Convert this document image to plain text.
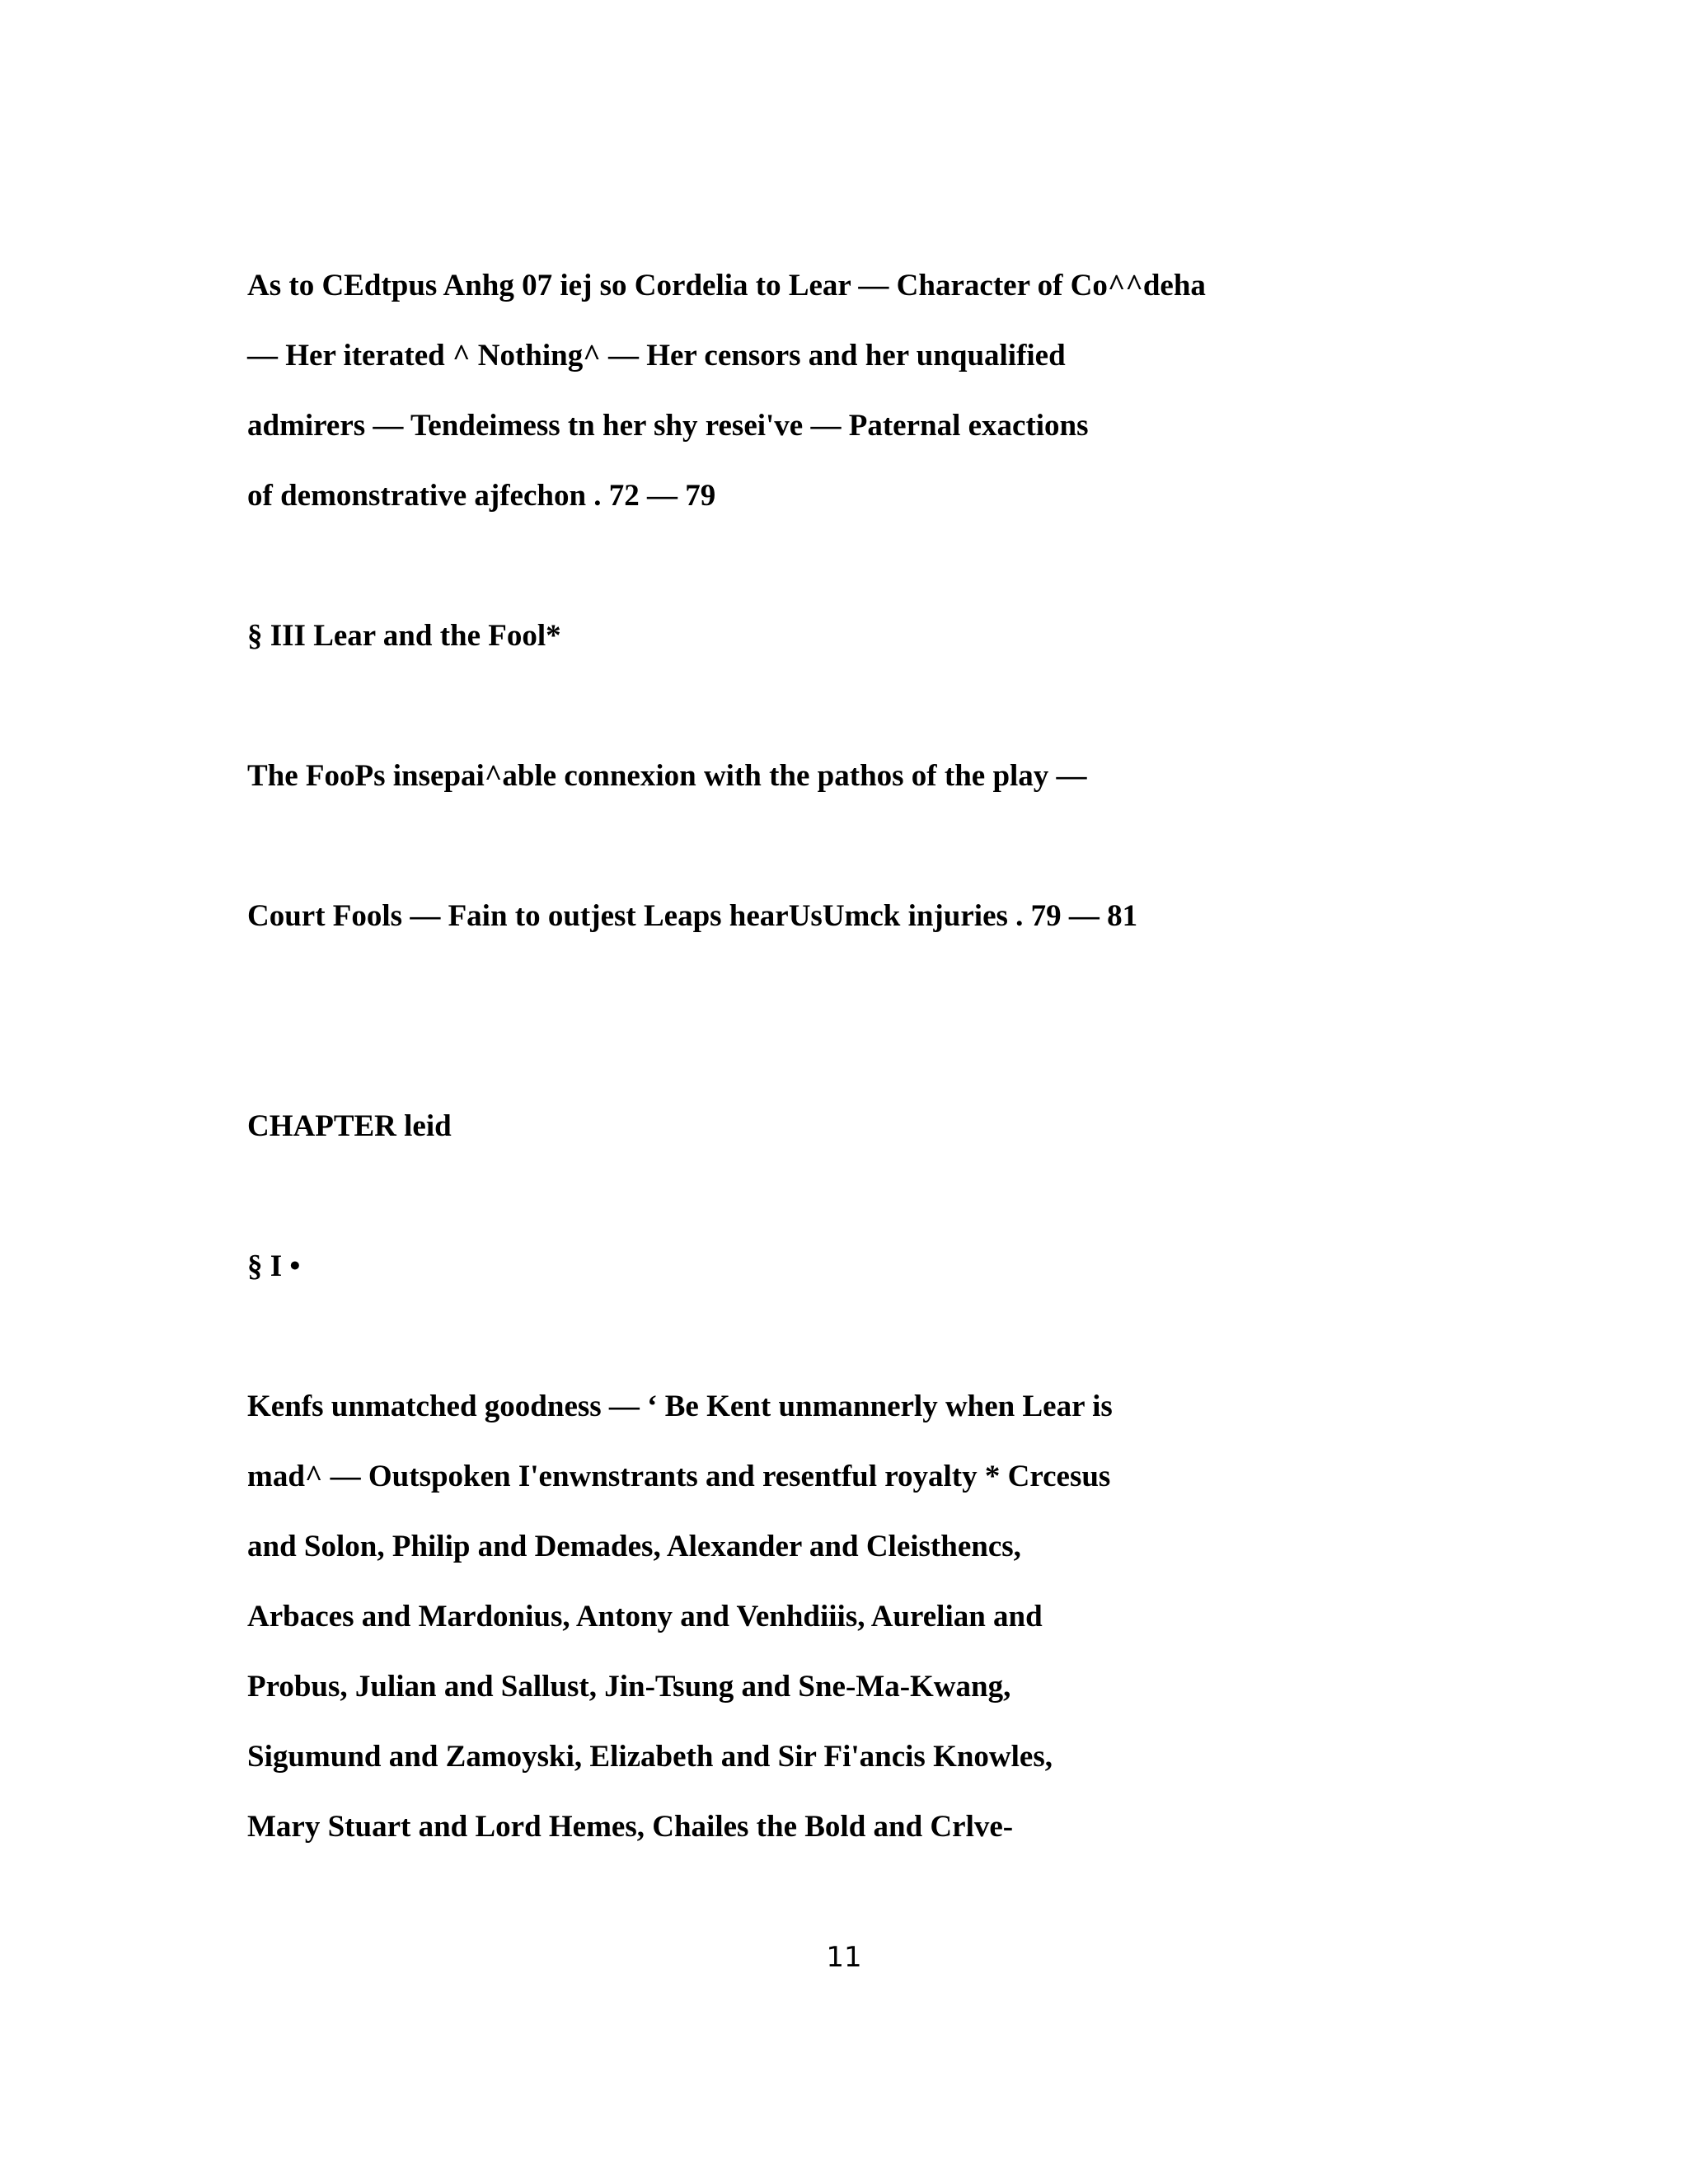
As to CEdtpus Anhg 07 iej so Cordelia to Lear — Character of Co^^deha

— Her iterated ^ Nothing^ — Her censors and her unqualified

admirers — Tendeimess tn her shy resei've — Paternal exactions

of demonstrative ajfechon . 72 — 79

§ III Lear and the Fool*

The FooPs insepai^able connexion with the pathos of the play —

Court Fools — Fain to outjest Leaps hearUsUmck injuries . 79 — 81

CHAPTER leid

§ I •

Kenfs unmatched goodness — ‘ Be Kent unmannerly when Lear is

mad^ — Outspoken I'enwnstrants and resentful royalty * Crcesus

and Solon, Philip and Demades, Alexander and Cleisthencs,

Arbaces and Mardonius, Antony and Venhdiiis, Aurelian and

Probus, Julian and Sallust, Jin-Tsung and Sne-Ma-Kwang,

Sigumund and Zamoyski, Elizabeth and Sir Fi'ancis Knowles,

Mary Stuart and Lord Hemes, Chailes the Bold and Crlve-

11
